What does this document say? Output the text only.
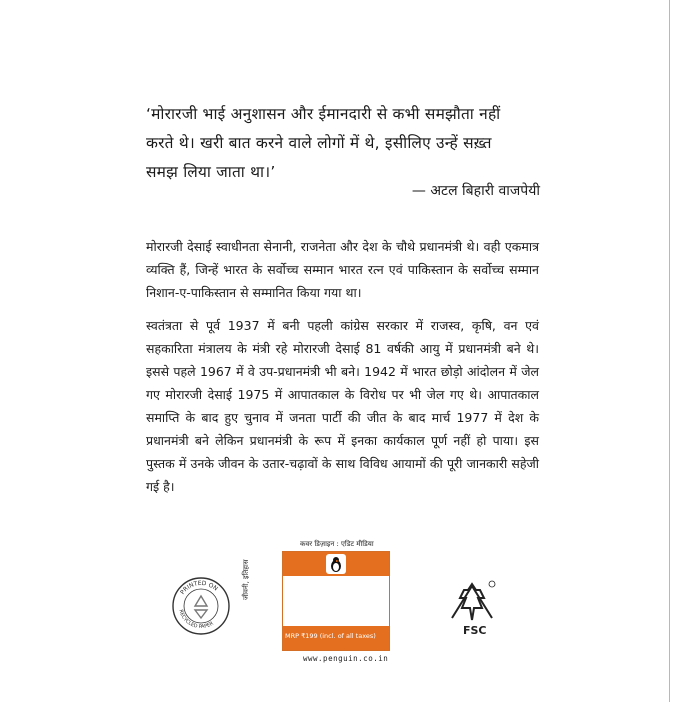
‘मोरारजी भाई अनुशासन और ईमानदारी से कभी समझौता नहीं

करते थे। खरी बात करने वाले लोगों में थे, इसीलिए उन्हें सख़्त

समझ लिया जाता था।’

— अटल बिहारी वाजपेयी

मोरारजी देसाई स्वाधीनता सेनानी, राजनेता और देश के चौथे प्रधानमंत्री थे। वही एकमात्र व्यक्ति हैं, जिन्हें भारत के सर्वोच्च सम्मान भारत रत्न एवं पाकिस्तान के सर्वोच्च सम्मान निशान-ए-पाकिस्तान से सम्मानित किया गया था।

स्वतंत्रता से पूर्व 1937 में बनी पहली कांग्रेस सरकार में राजस्व, कृषि, वन एवं सहकारिता मंत्रालय के मंत्री रहे मोरारजी देसाई 81 वर्षकी आयु में प्रधानमंत्री बने थे। इससे पहले 1967 में वे उप-प्रधानमंत्री भी बने। 1942 में भारत छोड़ो आंदोलन में जेल गए मोरारजी देसाई 1975 में आपातकाल के विरोध पर भी जेल गए थे। आपातकाल समाप्ति के बाद हुए चुनाव में जनता पार्टी की जीत के बाद मार्च 1977 में देश के प्रधानमंत्री बने लेकिन प्रधानमंत्री के रूप में इनका कार्यकाल पूर्ण नहीं हो पाया। इस पुस्तक में उनके जीवन के उतार-चढ़ावों के साथ विविध आयामों की पूरी जानकारी सहेजी गई है।

PRINTED ON
RECYCLED PAPER	FSC
कवर डिज़ाइन : एडिट मीडिया
MRP ₹199 (incl. of all taxes)
जीवनी, इतिहास
www.penguin.co.in
